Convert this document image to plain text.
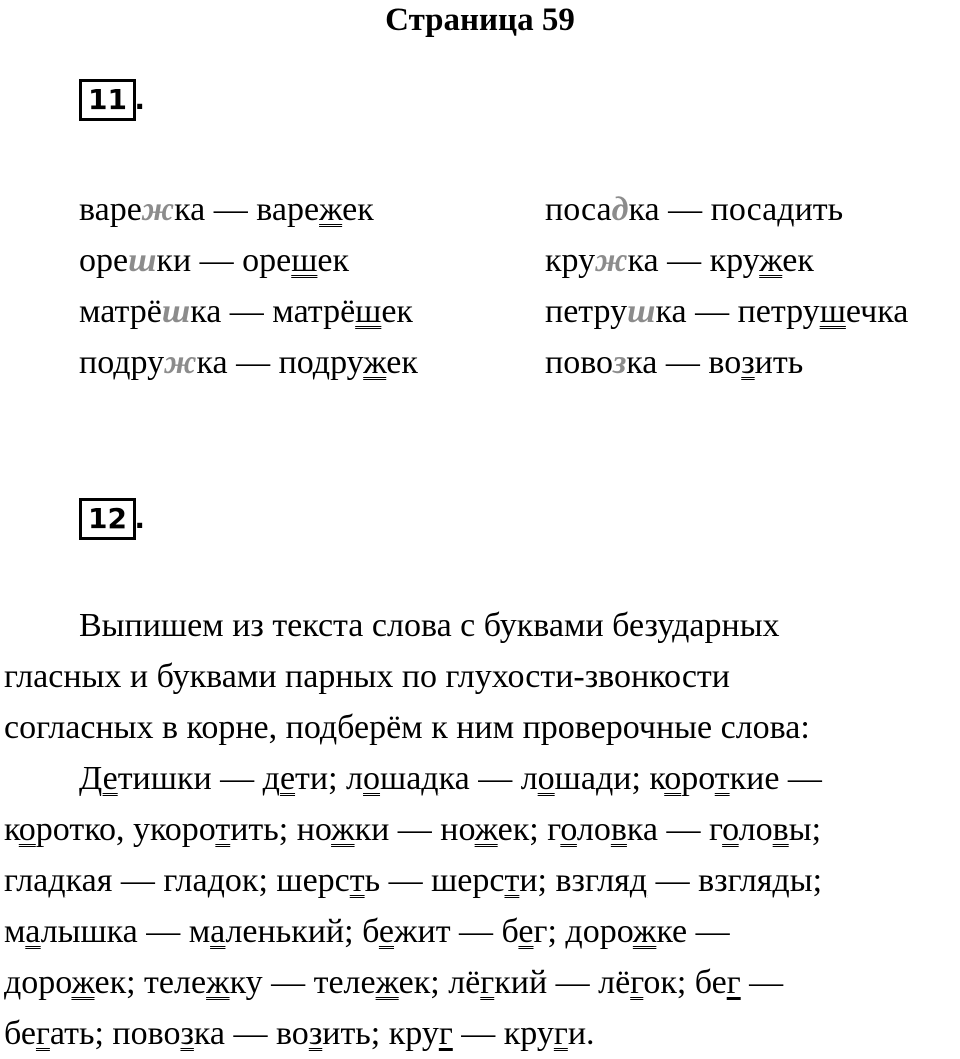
Страница 59
11 .
варежка — варежек
орешки — орешек
матрёшка — матрёшек
подружка — подружек
посадка — посадить
кружка — кружек
петрушка — петрушечка
повозка — возить
12 .
Выпишем из текста слова с буквами безударных
гласных и буквами парных по глухости-звонкости
согласных в корне, подберём к ним проверочные слова:
Детишки — дети; лошадка — лошади; короткие —
коротко, укоротить; ножки — ножек; головка — головы;
гладкая — гладок; шерсть — шерсти; взгляд — взгляды;
малышка — маленький; бежит — бег; дорожке —
дорожек; тележку — тележек; лёгкий — лёгок; бег —
бегать; повозка — возить; круг — круги.
